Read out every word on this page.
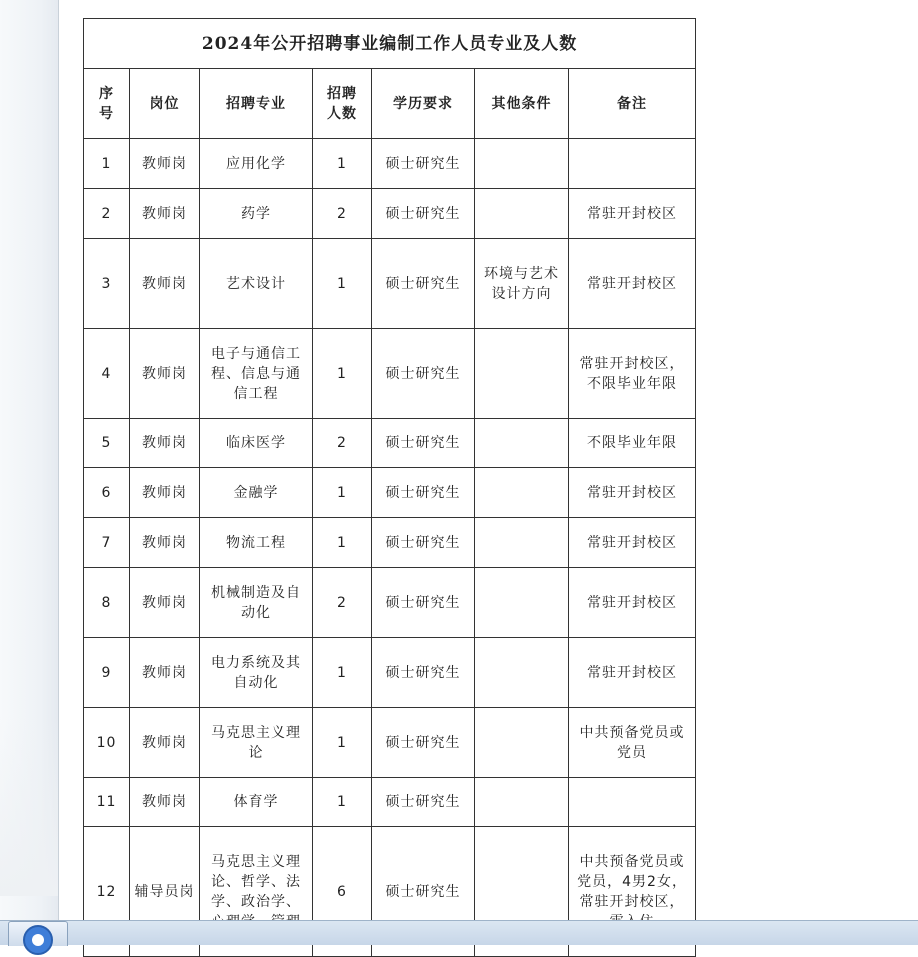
2024年公开招聘事业编制工作人员专业及人数						
序号	岗位	招聘专业	招聘人数	学历要求	其他条件	备注
1	教师岗	应用化学	1	硕士研究生		
2	教师岗	药学	2	硕士研究生		常驻开封校区
3	教师岗	艺术设计	1	硕士研究生	环境与艺术设计方向	常驻开封校区
4	教师岗	电子与通信工程、信息与通信工程	1	硕士研究生		常驻开封校区，不限毕业年限
5	教师岗	临床医学	2	硕士研究生		不限毕业年限
6	教师岗	金融学	1	硕士研究生		常驻开封校区
7	教师岗	物流工程	1	硕士研究生		常驻开封校区
8	教师岗	机械制造及自动化	2	硕士研究生		常驻开封校区
9	教师岗	电力系统及其自动化	1	硕士研究生		常驻开封校区
10	教师岗	马克思主义理论	1	硕士研究生		中共预备党员或党员
11	教师岗	体育学	1	硕士研究生		
12	辅导员岗	马克思主义理论、哲学、法学、政治学、	6	硕士研究生		中共预备党员或党员，4男2女，常驻开封校区，
